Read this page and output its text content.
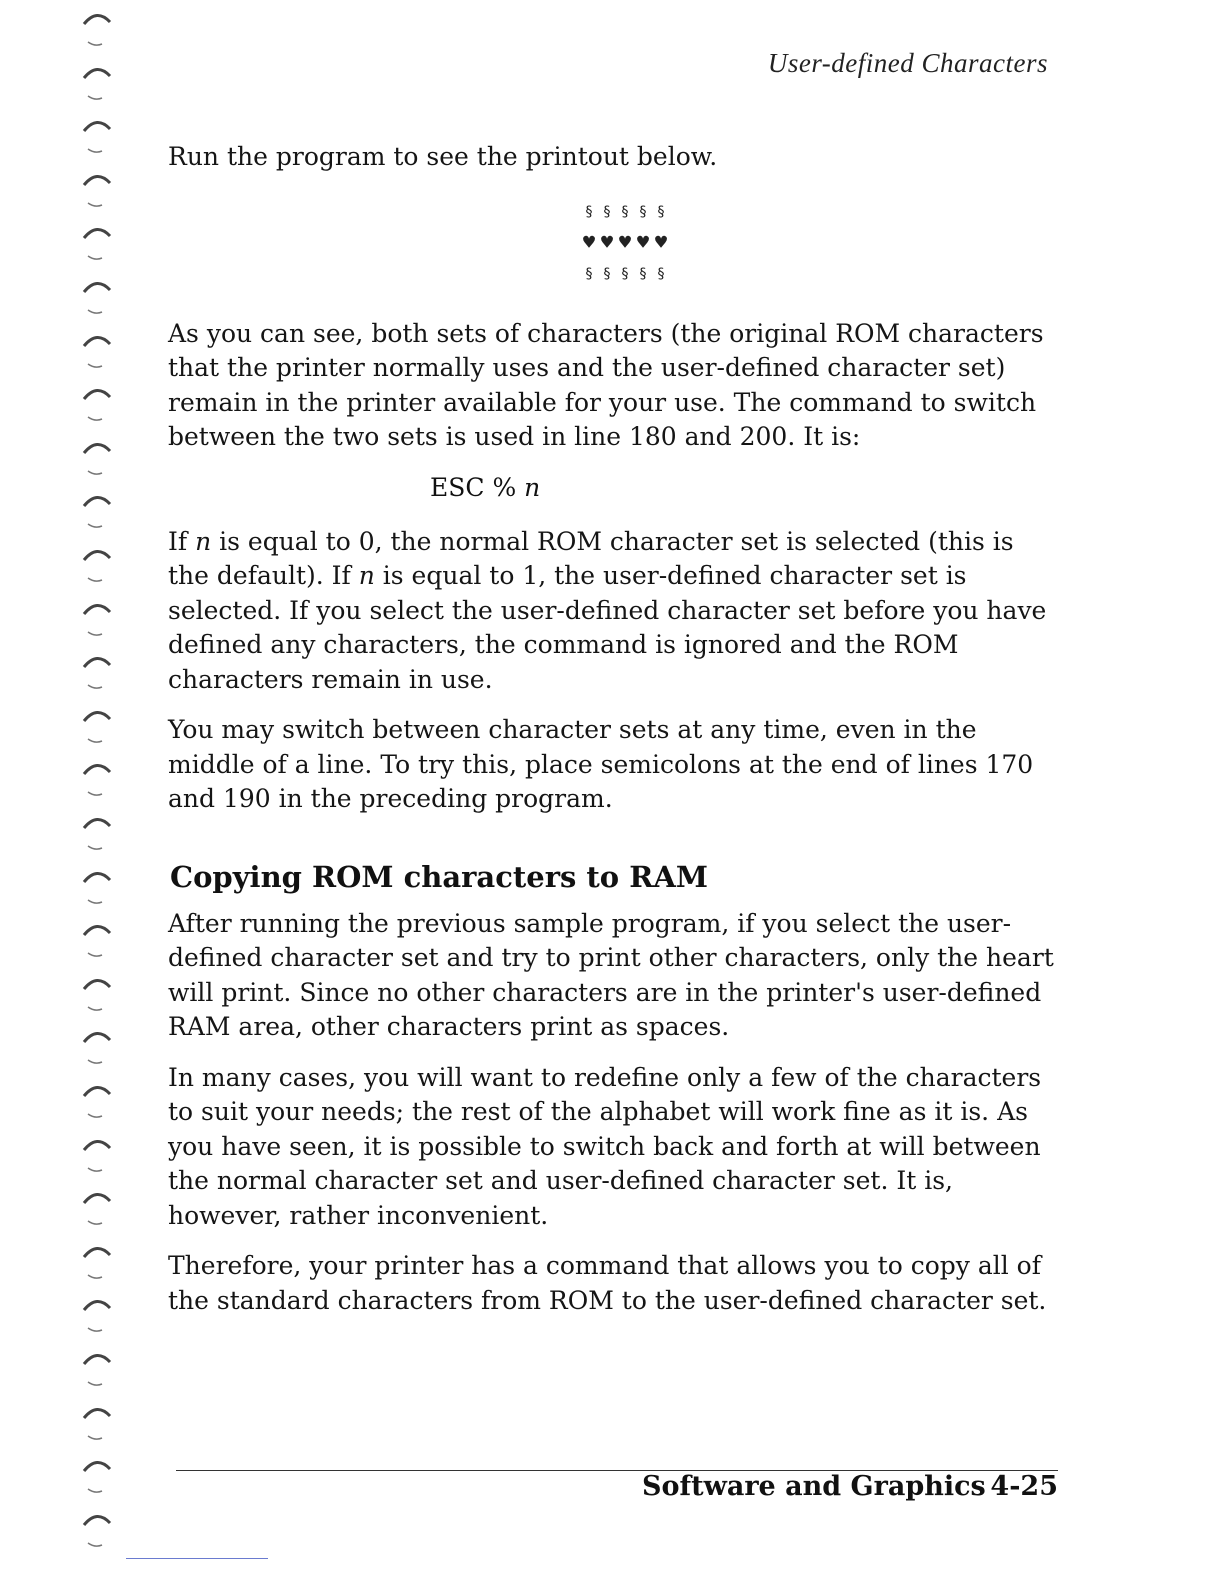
User-defined Characters

Run the program to see the printout below.

§ § § § §
♥ ♥ ♥ ♥ ♥
§ § § § §

As you can see, both sets of characters (the original ROM characters that the printer normally uses and the user-defined character set) remain in the printer available for your use. The command to switch between the two sets is used in line 180 and 200. It is:

ESC % n

If n is equal to 0, the normal ROM character set is selected (this is the default). If n is equal to 1, the user-defined character set is selected. If you select the user-defined character set before you have defined any characters, the command is ignored and the ROM characters remain in use.

You may switch between character sets at any time, even in the middle of a line. To try this, place semicolons at the end of lines 170 and 190 in the preceding program.

Copying ROM characters to RAM

After running the previous sample program, if you select the user-defined character set and try to print other characters, only the heart will print. Since no other characters are in the printer's user-defined RAM area, other characters print as spaces.

In many cases, you will want to redefine only a few of the characters to suit your needs; the rest of the alphabet will work fine as it is. As you have seen, it is possible to switch back and forth at will between the normal character set and user-defined character set. It is, however, rather inconvenient.

Therefore, your printer has a command that allows you to copy all of the standard characters from ROM to the user-defined character set.

Software and Graphics 4-25
